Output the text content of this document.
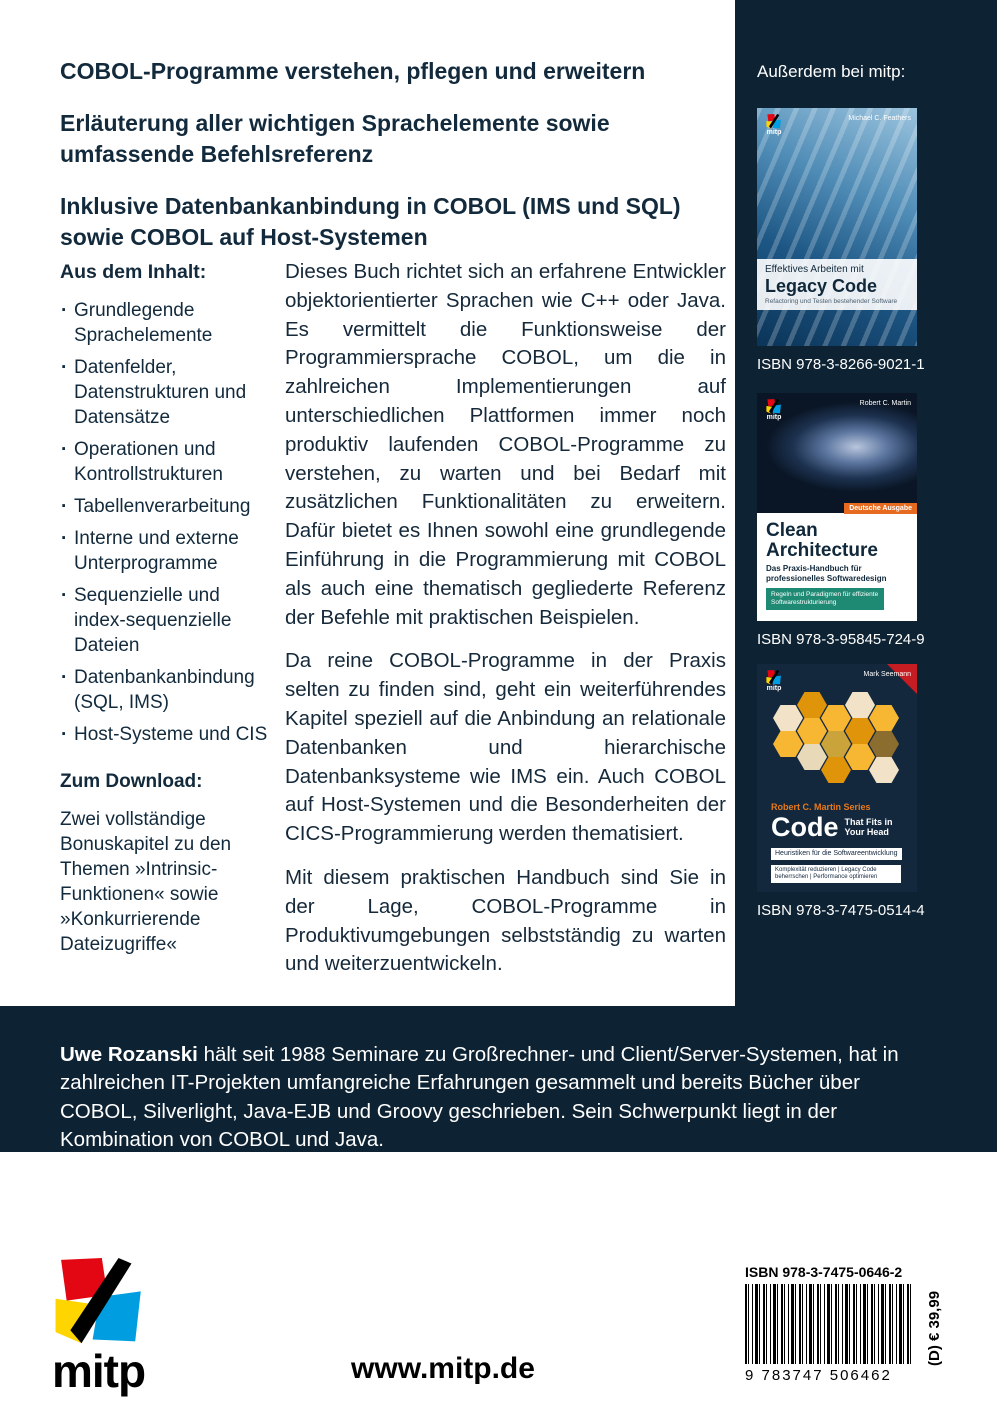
Außerdem bei mitp:

mitp
Michael C. Feathers
Effektives Arbeiten mit
Legacy Code
Refactoring und Testen bestehender Software
ISBN 978-3-8266-9021-1
mitp
Robert C. Martin
Deutsche Ausgabe
Clean Architecture
Das Praxis-Handbuch für professionelles Softwaredesign
Regeln und Paradigmen für effiziente Softwarestrukturierung
ISBN 978-3-95845-724-9
mitp
Mark Seemann
Robert C. Martin Series
Code That Fits in Your Head
Heuristiken für die Softwareentwicklung
Komplexität reduzieren | Legacy Code beherrschen | Performance optimieren
ISBN 978-3-7475-0514-4

COBOL-Programme verstehen, pflegen und erweitern

Erläuterung aller wichtigen Sprachelemente sowie umfassende Befehlsreferenz

Inklusive Datenbankanbindung in COBOL (IMS und SQL) sowie COBOL auf Host-Systemen

Aus dem Inhalt:

· Grundlegende Sprachelemente
· Datenfelder, Datenstrukturen und Datensätze
· Operationen und Kontrollstrukturen
· Tabellenverarbeitung
· Interne und externe Unterprogramme
· Sequenzielle und index-sequenzielle Dateien
· Datenbankanbindung (SQL, IMS)
· Host-Systeme und CIS

Zum Download:

Zwei vollständige Bonuskapitel zu den Themen »Intrinsic-Funktionen« sowie »Konkurrierende Dateizugriffe«

Dieses Buch richtet sich an erfahrene Entwickler objektorientierter Sprachen wie C++ oder Java. Es vermittelt die Funktionsweise der Programmiersprache COBOL, um die in zahlreichen Implementierungen auf unterschiedlichen Plattformen immer noch produktiv laufenden COBOL-Programme zu verstehen, zu warten und bei Bedarf mit zusätzlichen Funktionalitäten zu erweitern. Dafür bietet es Ihnen sowohl eine grundlegende Einführung in die Programmierung mit COBOL als auch eine thematisch gegliederte Referenz der Befehle mit praktischen Beispielen.

Da reine COBOL-Programme in der Praxis selten zu finden sind, geht ein weiterführendes Kapitel speziell auf die Anbindung an relationale Datenbanken und hierarchische Datenbanksysteme wie IMS ein. Auch COBOL auf Host-Systemen und die Besonderheiten der CICS-Programmierung werden thematisiert.

Mit diesem praktischen Handbuch sind Sie in der Lage, COBOL-Programme in Produktivumgebungen selbstständig zu warten und weiterzuentwickeln.

Uwe Rozanski hält seit 1988 Seminare zu Großrechner- und Client/Server-Systemen, hat in zahlreichen IT-Projekten umfangreiche Erfahrungen gesammelt und bereits Bücher über COBOL, Silverlight, Java-EJB und Groovy geschrieben. Sein Schwerpunkt liegt in der Kombination von COBOL und Java.

mitp	www.mitp.de
ISBN 978-3-7475-0646-2
9 783747 506462
(D) € 39,99
